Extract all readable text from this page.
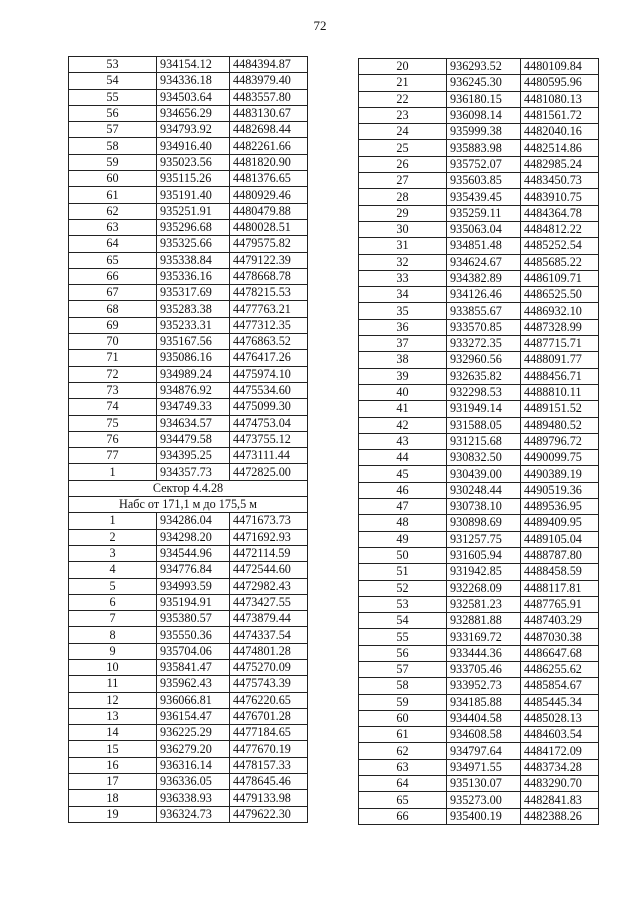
72
53	934154.12	4484394.87
54	934336.18	4483979.40
55	934503.64	4483557.80
56	934656.29	4483130.67
57	934793.92	4482698.44
58	934916.40	4482261.66
59	935023.56	4481820.90
60	935115.26	4481376.65
61	935191.40	4480929.46
62	935251.91	4480479.88
63	935296.68	4480028.51
64	935325.66	4479575.82
65	935338.84	4479122.39
66	935336.16	4478668.78
67	935317.69	4478215.53
68	935283.38	4477763.21
69	935233.31	4477312.35
70	935167.56	4476863.52
71	935086.16	4476417.26
72	934989.24	4475974.10
73	934876.92	4475534.60
74	934749.33	4475099.30
75	934634.57	4474753.04
76	934479.58	4473755.12
77	934395.25	4473111.44
1	934357.73	4472825.00
Сектор 4.4.28		
Набс от 171,1 м до 175,5 м		
1	934286.04	4471673.73
2	934298.20	4471692.93
3	934544.96	4472114.59
4	934776.84	4472544.60
5	934993.59	4472982.43
6	935194.91	4473427.55
7	935380.57	4473879.44
8	935550.36	4474337.54
9	935704.06	4474801.28
10	935841.47	4475270.09
11	935962.43	4475743.39
12	936066.81	4476220.65
13	936154.47	4476701.28
14	936225.29	4477184.65
15	936279.20	4477670.19
16	936316.14	4478157.33
17	936336.05	4478645.46
18	936338.93	4479133.98
19	936324.73	4479622.30
20	936293.52	4480109.84
21	936245.30	4480595.96
22	936180.15	4481080.13
23	936098.14	4481561.72
24	935999.38	4482040.16
25	935883.98	4482514.86
26	935752.07	4482985.24
27	935603.85	4483450.73
28	935439.45	4483910.75
29	935259.11	4484364.78
30	935063.04	4484812.22
31	934851.48	4485252.54
32	934624.67	4485685.22
33	934382.89	4486109.71
34	934126.46	4486525.50
35	933855.67	4486932.10
36	933570.85	4487328.99
37	933272.35	4487715.71
38	932960.56	4488091.77
39	932635.82	4488456.71
40	932298.53	4488810.11
41	931949.14	4489151.52
42	931588.05	4489480.52
43	931215.68	4489796.72
44	930832.50	4490099.75
45	930439.00	4490389.19
46	930248.44	4490519.36
47	930738.10	4489536.95
48	930898.69	4489409.95
49	931257.75	4489105.04
50	931605.94	4488787.80
51	931942.85	4488458.59
52	932268.09	4488117.81
53	932581.23	4487765.91
54	932881.88	4487403.29
55	933169.72	4487030.38
56	933444.36	4486647.68
57	933705.46	4486255.62
58	933952.73	4485854.67
59	934185.88	4485445.34
60	934404.58	4485028.13
61	934608.58	4484603.54
62	934797.64	4484172.09
63	934971.55	4483734.28
64	935130.07	4483290.70
65	935273.00	4482841.83
66	935400.19	4482388.26
